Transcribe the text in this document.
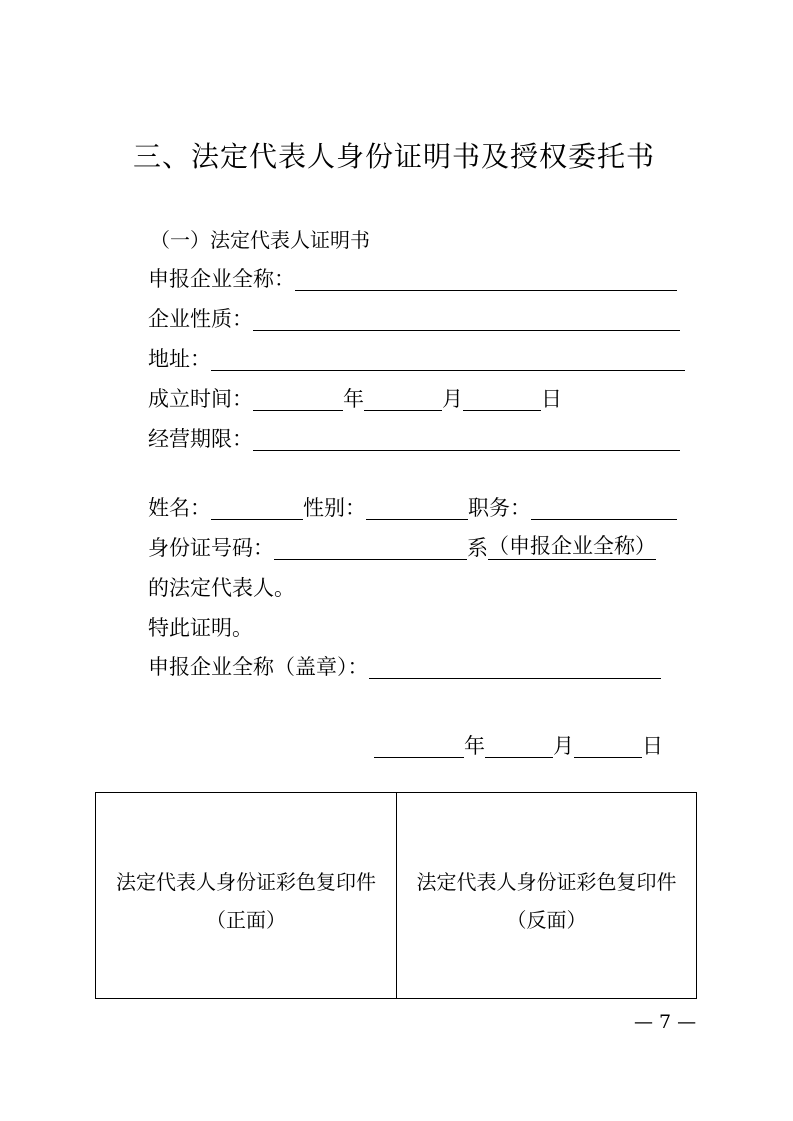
三、法定代表人身份证明书及授权委托书
（一）法定代表人证明书
申报企业全称：
企业性质：
地址：
成立时间：	年	月	日
经营期限：
姓名：	性别：	职务：
身份证号码：	系 （申报企业全称）
的法定代表人。
特此证明。
申报企业全称（盖章）：
年	月	日
法定代表人身份证彩色复印件
（正面）
法定代表人身份证彩色复印件
（反面）
— 7 —
